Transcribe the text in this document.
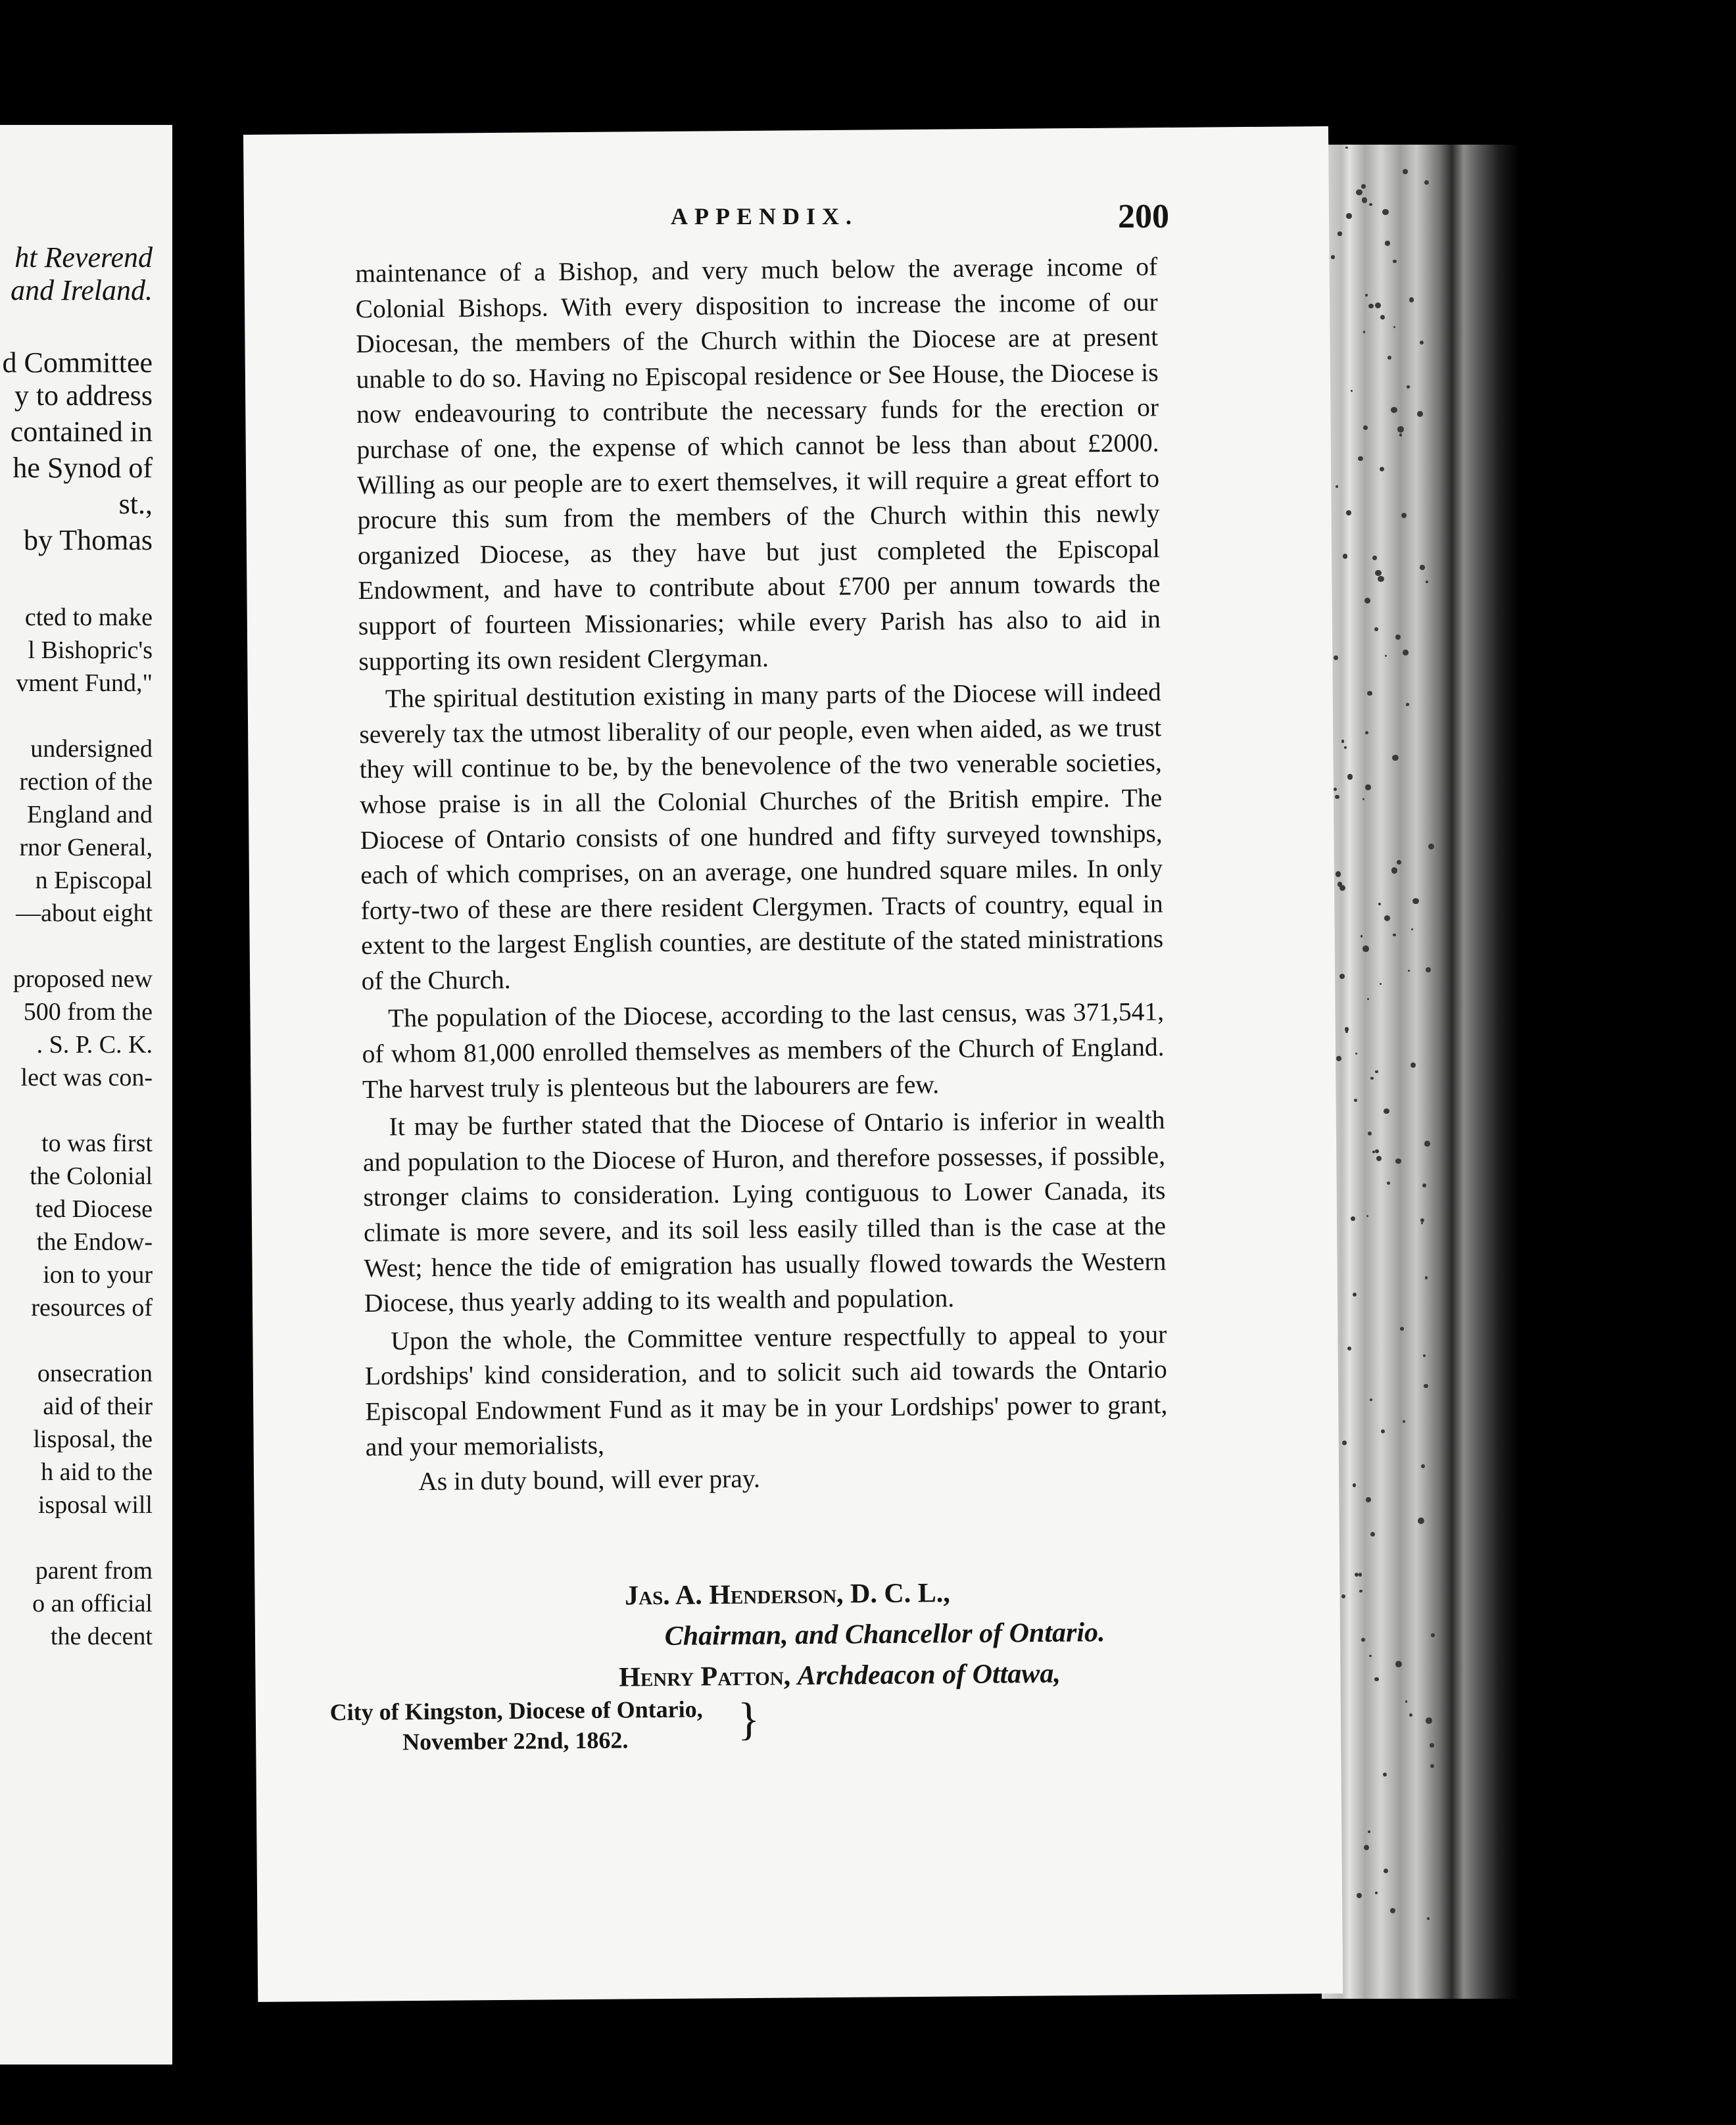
ht Reverend
and Ireland.
d Committee
y to address
contained in
he Synod of
st.,
by Thomas
cted to make
l Bishopric's
vment Fund,"
undersigned
rection of the
England and
rnor General,
n Episcopal
—about eight
proposed new
500 from the
. S. P. C. K.
lect was con-
to was first
the Colonial
ted Diocese
the Endow-
ion to your
resources of
onsecration
aid of their
lisposal, the
h aid to the
isposal will
parent from
o an official
the decent
APPENDIX.	200

maintenance of a Bishop, and very much below the average income of Colonial Bishops. With every disposition to increase the income of our Diocesan, the members of the Church within the Diocese are at present unable to do so. Having no Episcopal residence or See House, the Diocese is now endeavouring to contribute the necessary funds for the erection or purchase of one, the expense of which cannot be less than about £2000. Willing as our people are to exert themselves, it will require a great effort to procure this sum from the members of the Church within this newly organized Diocese, as they have but just completed the Episcopal Endowment, and have to contribute about £700 per annum towards the support of fourteen Missionaries; while every Parish has also to aid in supporting its own resident Clergyman.

The spiritual destitution existing in many parts of the Diocese will indeed severely tax the utmost liberality of our people, even when aided, as we trust they will continue to be, by the benevolence of the two venerable societies, whose praise is in all the Colonial Churches of the British empire. The Diocese of Ontario consists of one hundred and fifty surveyed townships, each of which comprises, on an average, one hundred square miles. In only forty-two of these are there resident Clergymen. Tracts of country, equal in extent to the largest English counties, are destitute of the stated ministrations of the Church.

The population of the Diocese, according to the last census, was 371,541, of whom 81,000 enrolled themselves as members of the Church of England. The harvest truly is plenteous but the labourers are few.

It may be further stated that the Diocese of Ontario is inferior in wealth and population to the Diocese of Huron, and therefore possesses, if possible, stronger claims to consideration. Lying contiguous to Lower Canada, its climate is more severe, and its soil less easily tilled than is the case at the West; hence the tide of emigration has usually flowed towards the Western Diocese, thus yearly adding to its wealth and population.

Upon the whole, the Committee venture respectfully to appeal to your Lordships' kind consideration, and to solicit such aid towards the Ontario Episcopal Endowment Fund as it may be in your Lordships' power to grant, and your memorialists,

As in duty bound, will ever pray.

Jas. A. Henderson, D. C. L.,
Chairman, and Chancellor of Ontario.
Henry Patton, Archdeacon of Ottawa,
City of Kingston, Diocese of Ontario,
November 22nd, 1862. }
